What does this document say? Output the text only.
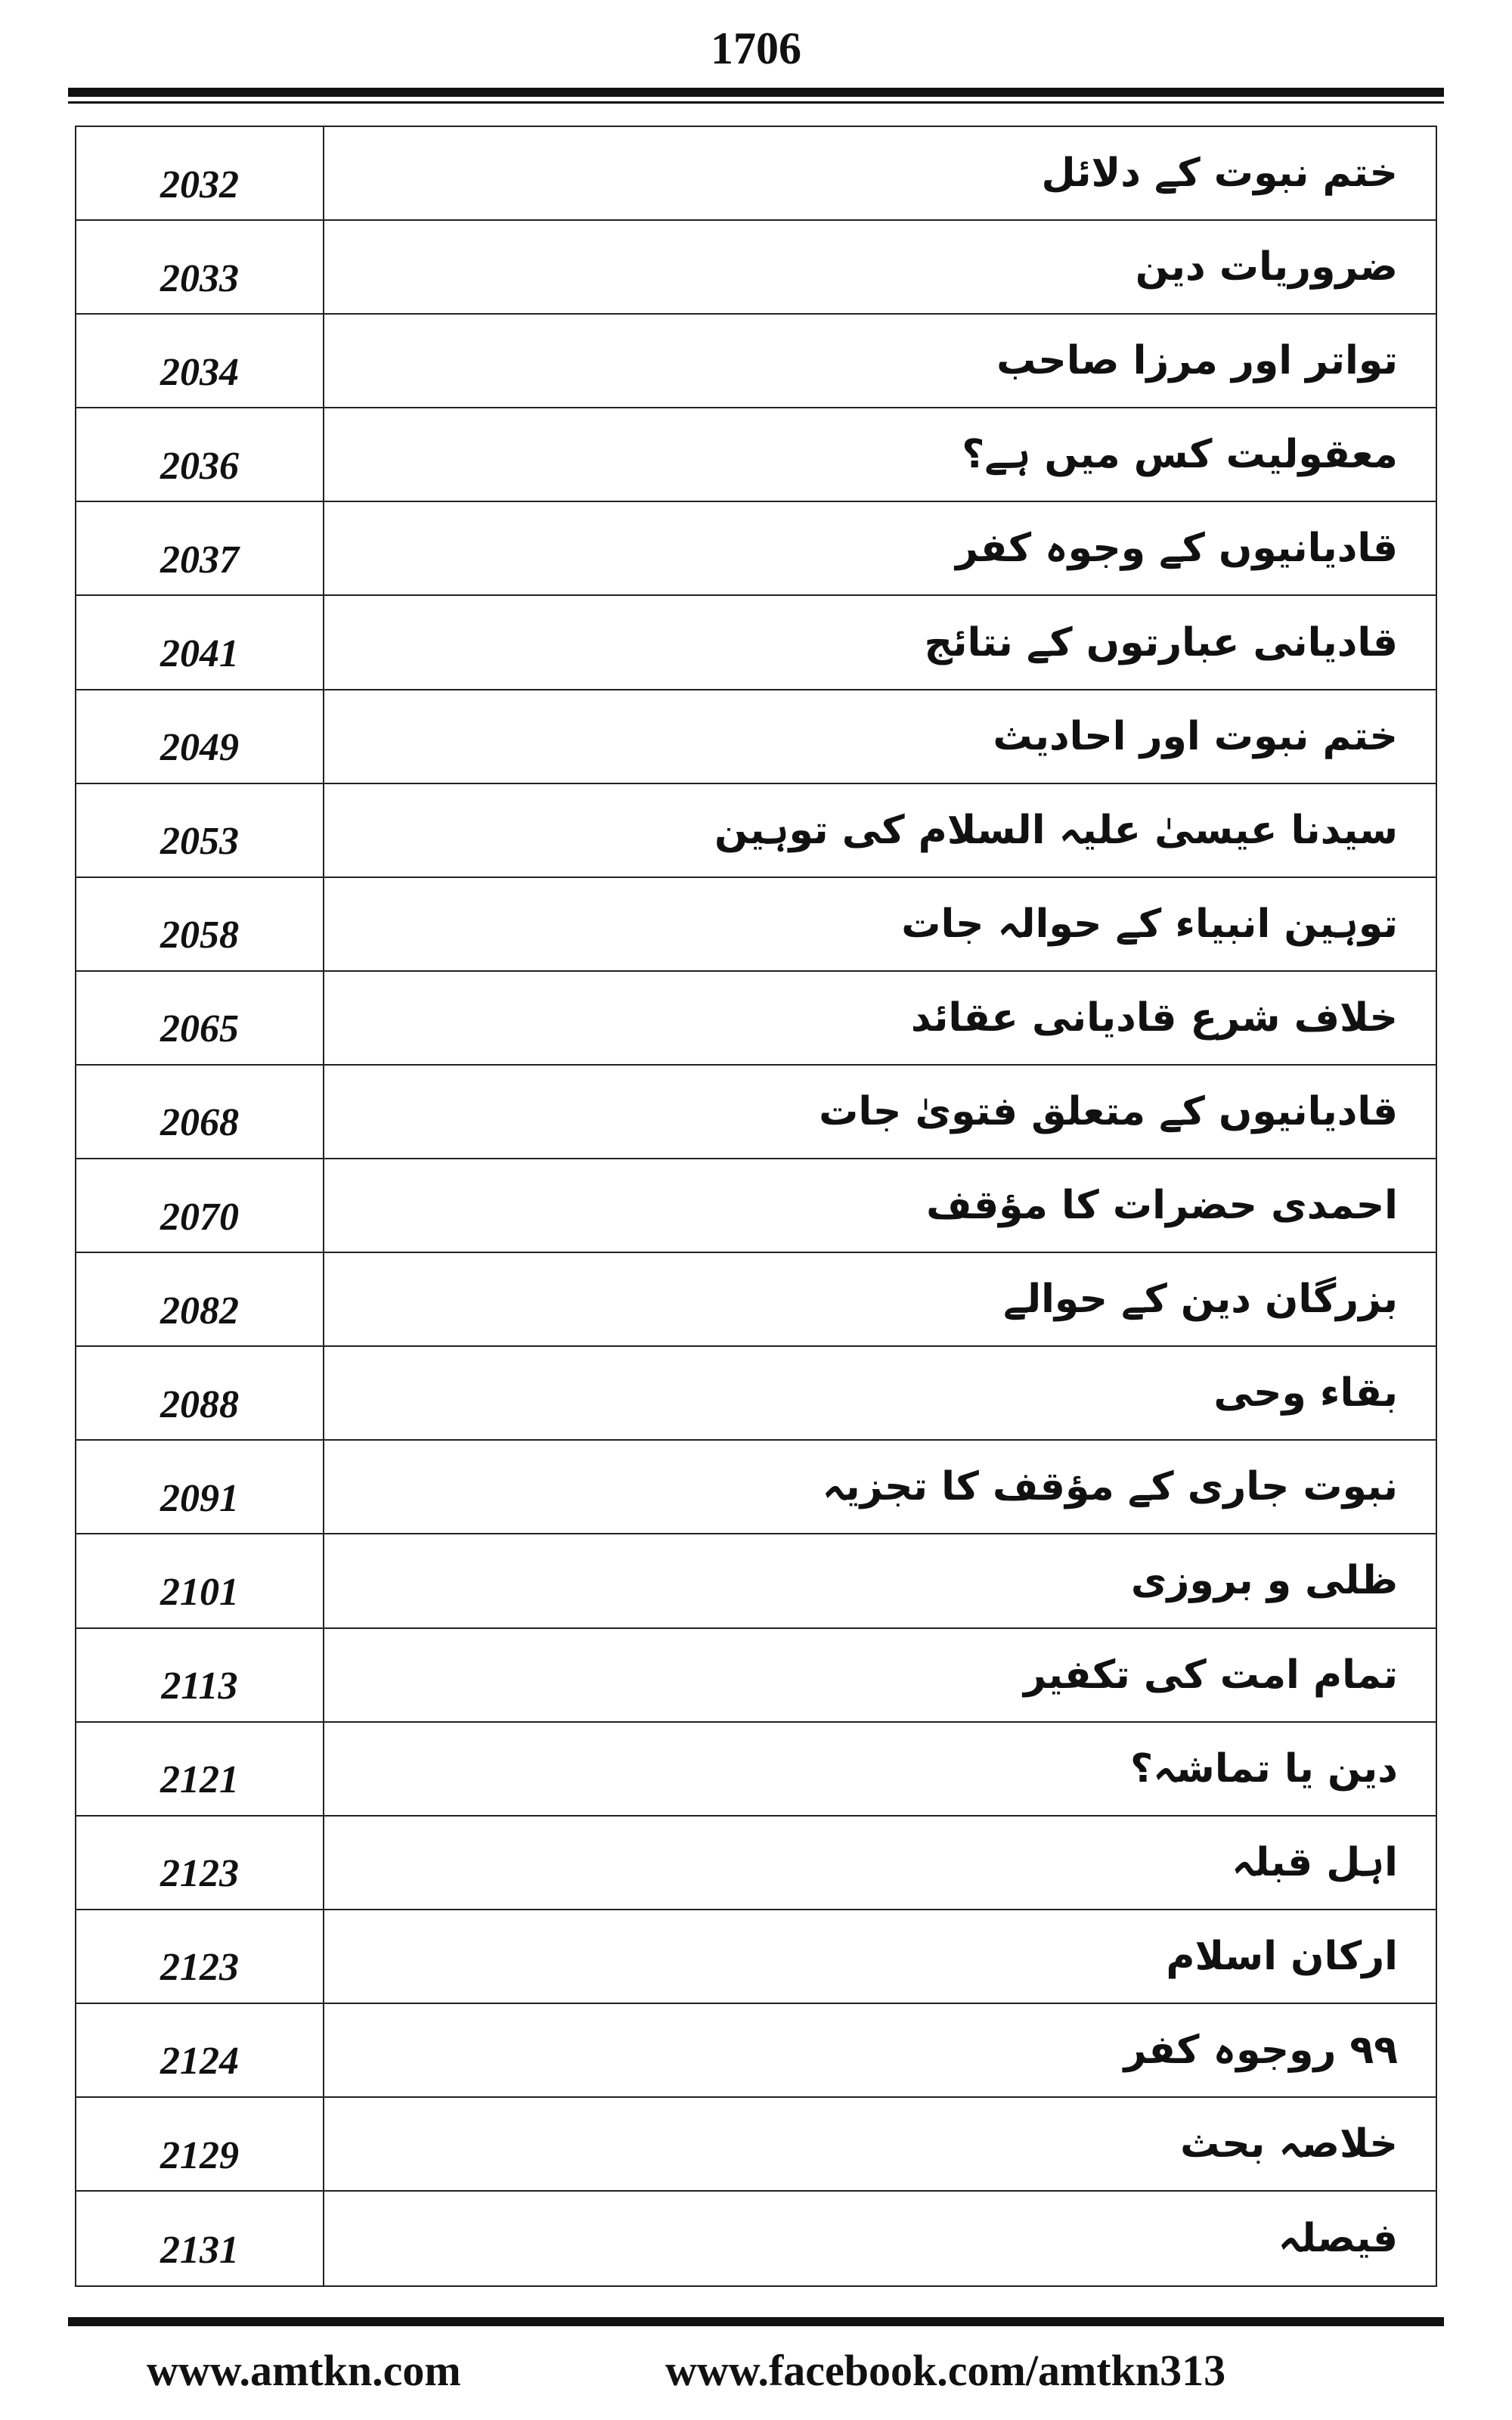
1706
2032	ختم نبوت کے دلائل
2033	ضروریات دین
2034	تواتر اور مرزا صاحب
2036	معقولیت کس میں ہے؟
2037	قادیانیوں کے وجوہ کفر
2041	قادیانی عبارتوں کے نتائج
2049	ختم نبوت اور احادیث
2053	سیدنا عیسیٰ علیہ السلام کی توہین
2058	توہین انبیاء کے حوالہ جات
2065	خلاف شرع قادیانی عقائد
2068	قادیانیوں کے متعلق فتویٰ جات
2070	احمدی حضرات کا مؤقف
2082	بزرگان دین کے حوالے
2088	بقاء وحی
2091	نبوت جاری کے مؤقف کا تجزیہ
2101	ظلی و بروزی
2113	تمام امت کی تکفیر
2121	دین یا تماشہ؟
2123	اہل قبلہ
2123	ارکان اسلام
2124	۹۹ روجوہ کفر
2129	خلاصہ بحث
2131	فیصلہ
www.amtkn.com	www.facebook.com/amtkn313
